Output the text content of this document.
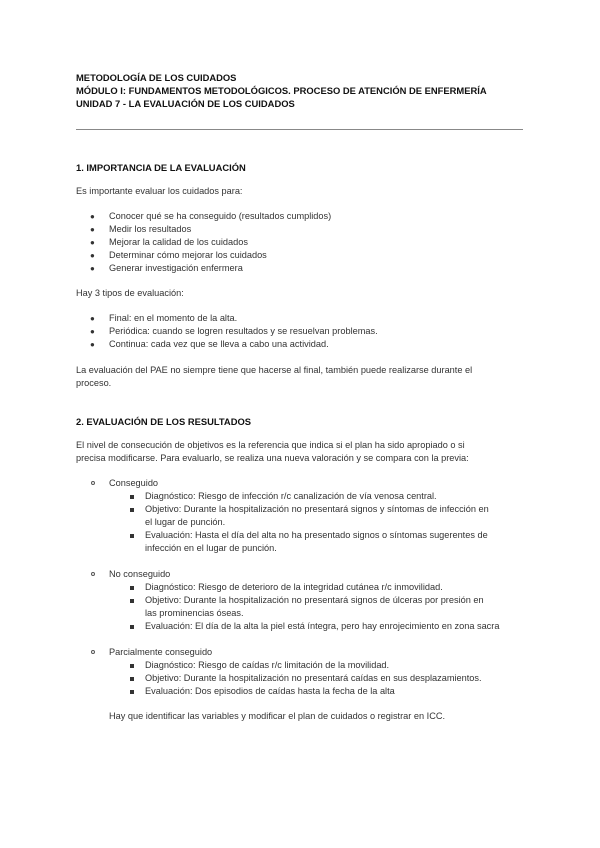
METODOLOGÍA DE LOS CUIDADOS
MÓDULO I: FUNDAMENTOS METODOLÓGICOS. PROCESO DE ATENCIÓN DE ENFERMERÍA
UNIDAD 7 - LA EVALUACIÓN DE LOS CUIDADOS
1. IMPORTANCIA DE LA EVALUACIÓN
Es importante evaluar los cuidados para:
● Conocer qué se ha conseguido (resultados cumplidos)
● Medir los resultados
● Mejorar la calidad de los cuidados
● Determinar cómo mejorar los cuidados
● Generar investigación enfermera
Hay 3 tipos de evaluación:
● Final: en el momento de la alta.
● Periódica: cuando se logren resultados y se resuelvan problemas.
● Continua: cada vez que se lleva a cabo una actividad.
La evaluación del PAE no siempre tiene que hacerse al final, también puede realizarse durante el
proceso.
2. EVALUACIÓN DE LOS RESULTADOS
El nivel de consecución de objetivos es la referencia que indica si el plan ha sido apropiado o si
precisa modificarse. Para evaluarlo, se realiza una nueva valoración y se compara con la previa:
Conseguido
Diagnóstico: Riesgo de infección r/c canalización de vía venosa central.
Objetivo: Durante la hospitalización no presentará signos y síntomas de infección en
el lugar de punción.
Evaluación: Hasta el día del alta no ha presentado signos o síntomas sugerentes de
infección en el lugar de punción.
No conseguido
Diagnóstico: Riesgo de deterioro de la integridad cutánea r/c inmovilidad.
Objetivo: Durante la hospitalización no presentará signos de úlceras por presión en
las prominencias óseas.
Evaluación: El día de la alta la piel está íntegra, pero hay enrojecimiento en zona sacra
Parcialmente conseguido
Diagnóstico: Riesgo de caídas r/c limitación de la movilidad.
Objetivo: Durante la hospitalización no presentará caídas en sus desplazamientos.
Evaluación: Dos episodios de caídas hasta la fecha de la alta
Hay que identificar las variables y modificar el plan de cuidados o registrar en ICC.
